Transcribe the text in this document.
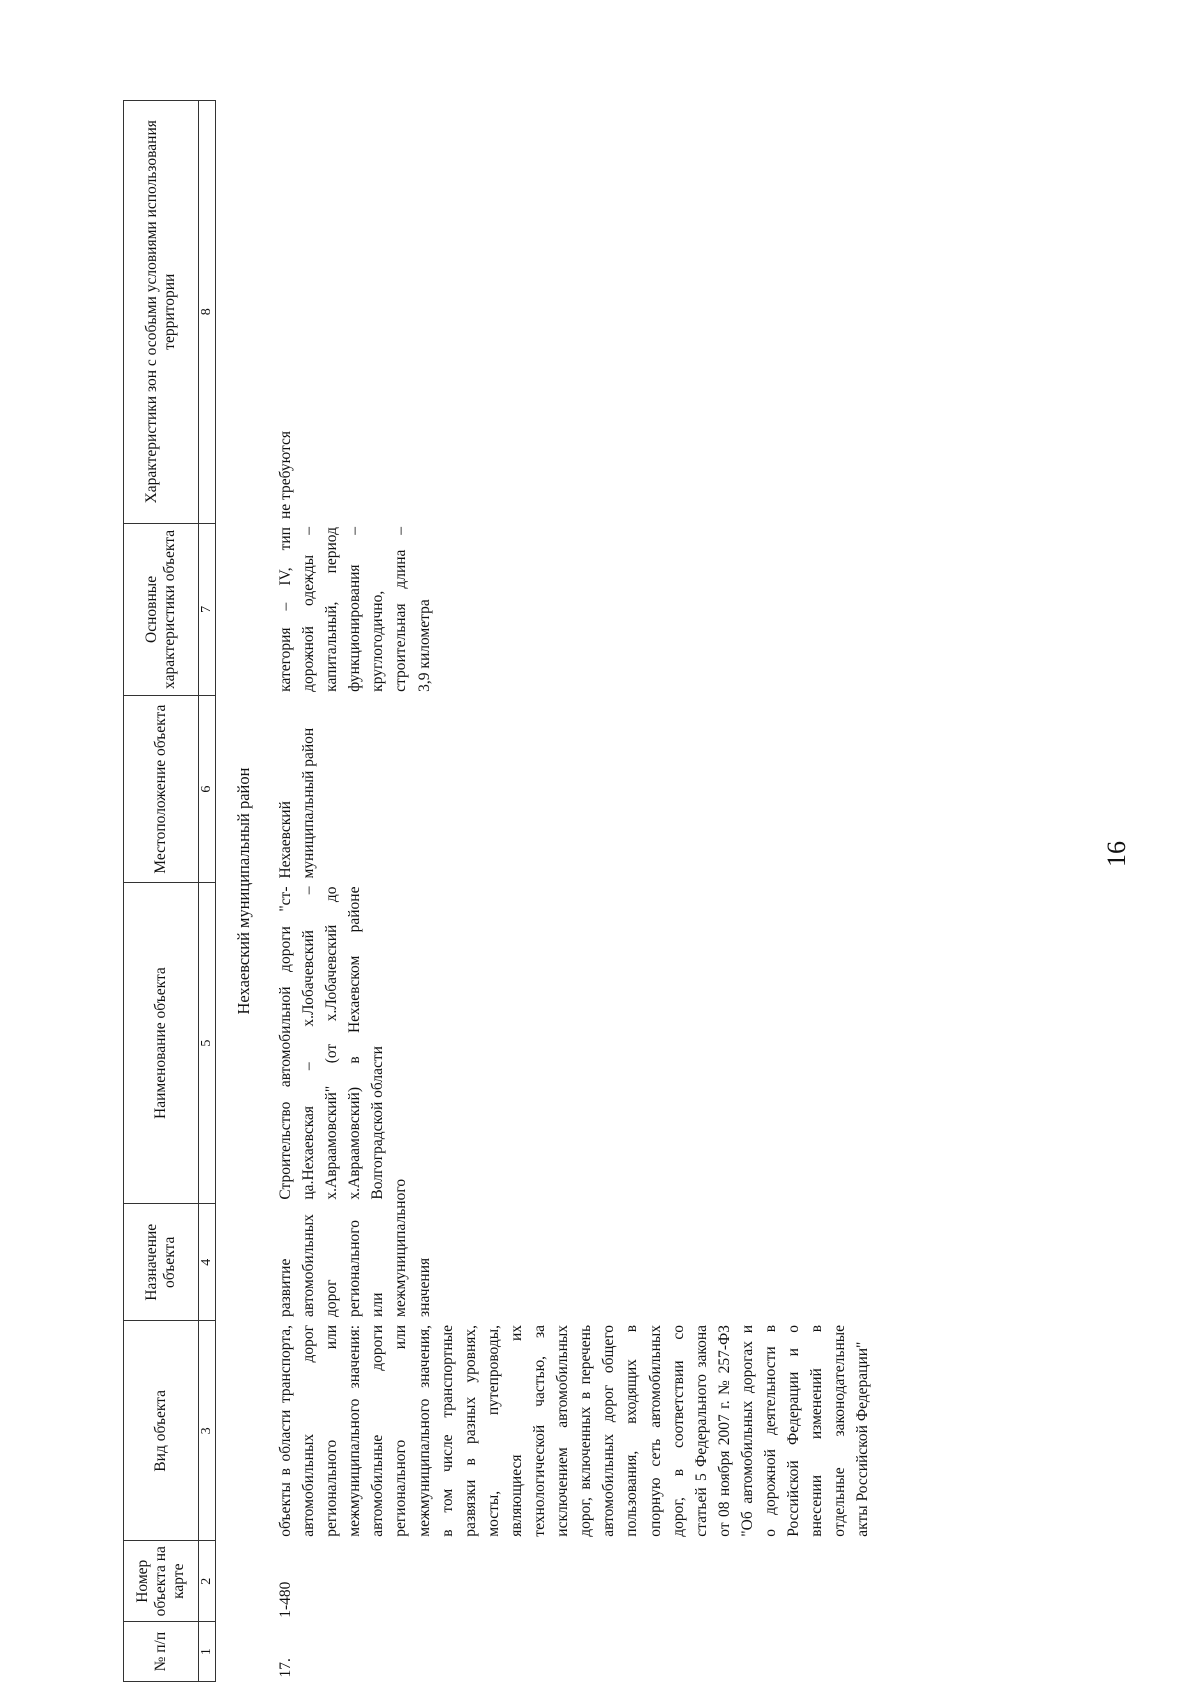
16
№ п/п	Номер объекта на карте	Вид объекта	Назначение объекта	Наименование объекта	Местоположение объекта	Основные характеристики объекта	Характеристики зон с особыми условиями использования территории
1	2	3	4	5	6	7	8
Нехаевский муниципальный район							
17.	1-480	объекты в области транспорта, автомобильных дорог регионального или межмуниципального значения: автомобильные дороги регионального или межмуниципального значения, в том числе транспортные развязки в разных уровнях, мосты, путепроводы, являющиеся их технологической частью, за исключением автомобильных дорог, включенных в перечень автомобильных дорог общего пользования, входящих в опорную сеть автомобильных дорог, в соответствии со статьей 5 Федерального закона от 08 ноября 2007 г. № 257-ФЗ "Об автомобильных дорогах и о дорожной деятельности в Российской Федерации и о внесении изменений в отдельные законодательные акты Российской Федерации"	развитие автомобильных дорог регионального или межмуниципального значения	Строительство автомобильной дороги "ст-ца.Нехаевская – х.Лобачевский – х.Авраамовский" (от х.Лобачевский до х.Авраамовский) в Нехаевском районе Волгоградской области	Нехаевский муниципальный район	категория – IV, тип дорожной одежды – капитальный, период функционирования – круглогодично, строительная длина – 3,9 километра	не требуются
